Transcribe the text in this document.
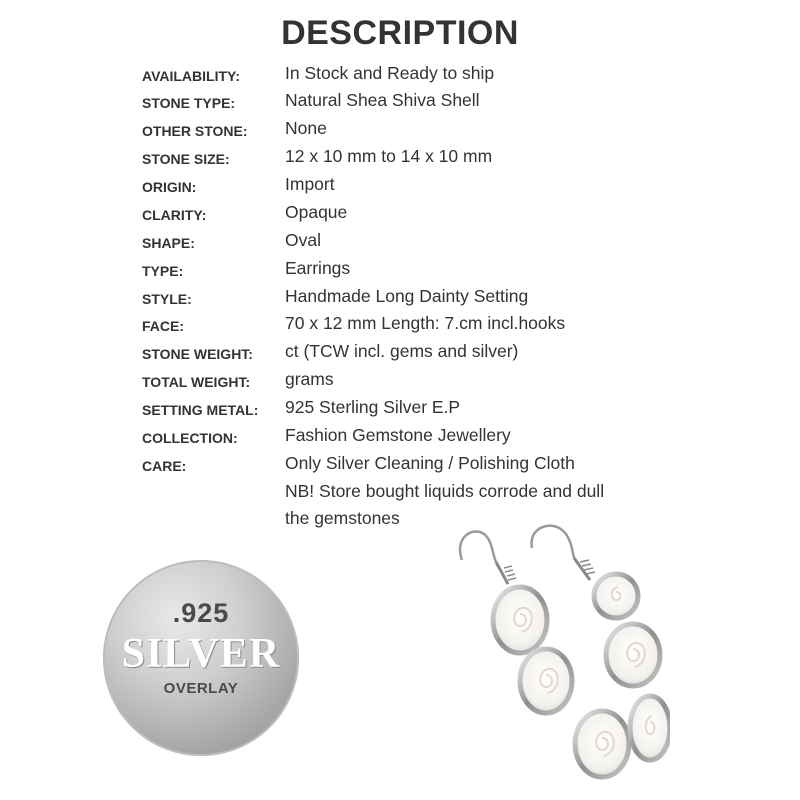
DESCRIPTION
AVAILABILITY:	In Stock and Ready to ship
STONE TYPE:	Natural Shea Shiva Shell
OTHER STONE: None
STONE SIZE:	12 x 10 mm to 14 x 10 mm
ORIGIN:	Import
CLARITY:	Opaque
SHAPE:	Oval
TYPE:	Earrings
STYLE:	Handmade Long Dainty Setting
FACE:	70 x 12 mm Length: 7.cm incl.hooks
STONE WEIGHT: ct (TCW incl. gems and silver)
TOTAL WEIGHT: grams
SETTING METAL: 925 Sterling Silver E.P
COLLECTION:	Fashion Gemstone Jewellery
CARE:	Only Silver Cleaning / Polishing Cloth
NB! Store bought liquids corrode and dull
the gemstones
.925
SILVER
OVERLAY
